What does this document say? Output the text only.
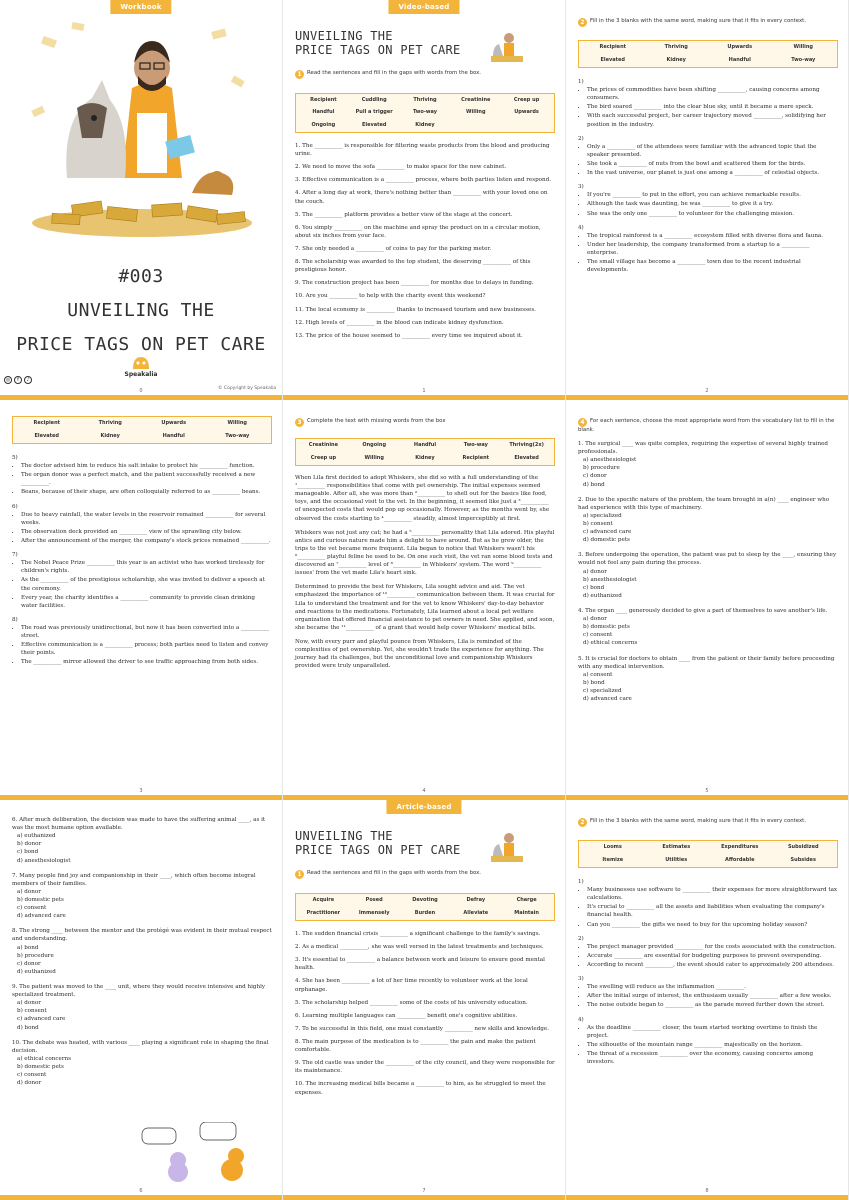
Workbook
#003
UNVEILING THE
PRICE TAGS ON PET CARE
Speakalia
© Copyright by Speakalia
◎	f	♪
0
Video-based
UNVEILING THE
PRICE TAGS ON PET CARE
1 Read the sentences and fill in the gaps with words from the box.
Recipient	Cuddling	Thriving	Creatinine	Creep up
Handful	Pull a trigger	Two-way	Willing	Upwards
Ongoing	Elevated	Kidney

1. The __________ is responsible for filtering waste products from the blood and producing urine.

2. We need to move the sofa __________ to make space for the new cabinet.

3. Effective communication is a __________ process, where both parties listen and respond.

4. After a long day at work, there's nothing better than __________ with your loved one on the couch.

5. The __________ platform provides a better view of the stage at the concert.

6. You simply __________ on the machine and spray the product on in a circular motion, about six inches from your face.

7. She only needed a __________ of coins to pay for the parking meter.

8. The scholarship was awarded to the top student, the deserving __________ of this prestigious honor.

9. The construction project has been __________ for months due to delays in funding.

10. Are you __________ to help with the charity event this weekend?

11. The local economy is __________ thanks to increased tourism and new businesses.

12. High levels of __________ in the blood can indicate kidney dysfunction.

13. The price of the house seemed to __________ every time we inquired about it.

1
2 Fill in the 3 blanks with the same word, making sure that it fits in every context.
Recipient	Thriving	Upwards	Willing
Elevated	Kidney	Handful	Two-way
1)
• The prices of commodities have been shifting __________, causing concerns among consumers.
• The bird soared __________ into the clear blue sky, until it became a mere speck.
• With each successful project, her career trajectory moved __________, solidifying her position in the industry.
2)
• Only a __________ of the attendees were familiar with the advanced topic that the speaker presented.
• She took a __________ of nuts from the bowl and scattered them for the birds.
• In the vast universe, our planet is just one among a __________ of celestial objects.
3)
• If you're __________ to put in the effort, you can achieve remarkable results.
• Although the task was daunting, he was __________ to give it a try.
• She was the only one __________ to volunteer for the challenging mission.
4)
• The tropical rainforest is a __________ ecosystem filled with diverse flora and fauna.
• Under her leadership, the company transformed from a startup to a __________ enterprise.
• The small village has become a __________ town due to the recent industrial developments.
2
Recipient	Thriving	Upwards	Willing
Elevated	Kidney	Handful	Two-way
5)
• The doctor advised him to reduce his salt intake to protect his __________ function.
• The organ donor was a perfect match, and the patient successfully received a new __________.
• Beans, because of their shape, are often colloquially referred to as __________ beans.
6)
• Due to heavy rainfall, the water levels in the reservoir remained __________ for several weeks.
• The observation deck provided an __________ view of the sprawling city below.
• After the announcement of the merger, the company's stock prices remained __________.
7)
• The Nobel Peace Prize __________ this year is an activist who has worked tirelessly for children's rights.
• As the __________ of the prestigious scholarship, she was invited to deliver a speech at the ceremony.
• Every year, the charity identifies a __________ community to provide clean drinking water facilities.
8)
• The road was previously unidirectional, but now it has been converted into a __________ street.
• Effective communication is a __________ process; both parties need to listen and convey their points.
• The __________ mirror allowed the driver to see traffic approaching from both sides.
3
3 Complete the text with missing words from the box
Creatinine	Ongoing	Handful	Two-way	Thriving(2x)
Creep up	Willing	Kidney	Recipient	Elevated

When Lila first decided to adopt Whiskers, she did so with a full understanding of the ¹__________ responsibilities that come with pet ownership. The initial expenses seemed manageable. After all, she was more than ²__________ to shell out for the basics like food, toys, and the occasional visit to the vet. In the beginning, it seemed like just a ³__________ of unexpected costs that would pop up occasionally. However, as the months went by, she observed the costs starting to ⁴__________ steadily, almost imperceptibly at first.

Whiskers was not just any cat; he had a ⁵__________ personality that Lila adored. His playful antics and curious nature made him a delight to have around. But as he grew older, the trips to the vet became more frequent. Lila began to notice that Whiskers wasn't his ⁶__________ playful feline he used to be. On one such visit, the vet ran some blood tests and discovered an ⁷__________ level of ⁸__________ in Whiskers' system. The word ⁹__________ issues' from the vet made Lila's heart sink.

Determined to provide the best for Whiskers, Lila sought advice and aid. The vet emphasized the importance of ¹⁰__________ communication between them. It was crucial for Lila to understand the treatment and for the vet to know Whiskers' day-to-day behavior and reactions to the medications. Fortunately, Lila learned about a local pet welfare organization that offered financial assistance to pet owners in need. She applied, and soon, she became the ¹¹__________ of a grant that would help cover Whiskers' medical bills.

Now, with every purr and playful pounce from Whiskers, Lila is reminded of the complexities of pet ownership. Yet, she wouldn't trade the experience for anything. The journey had its challenges, but the unconditional love and companionship Whiskers provided were truly unparalleled.

4
4 For each sentence, choose the most appropriate word from the vocabulary list to fill in the blank.
1. The surgical ____ was quite complex, requiring the expertise of several highly trained professionals.
a) anesthesiologist
b) procedure
c) donor
d) bond
2. Due to the specific nature of the problem, the team brought in a(n) ____ engineer who had experience with this type of machinery.
a) specialized
b) consent
c) advanced care
d) domestic pets
3. Before undergoing the operation, the patient was put to sleep by the ____, ensuring they would not feel any pain during the process.
a) donor
b) anesthesiologist
c) bond
d) euthanized
4. The organ ____ generously decided to give a part of themselves to save another's life.
a) donor
b) domestic pets
c) consent
d) ethical concerns
5. It is crucial for doctors to obtain ____ from the patient or their family before proceeding with any medical intervention.
a) consent
b) bond
c) specialized
d) advanced care
5
6. After much deliberation, the decision was made to have the suffering animal ____, as it was the most humane option available.
a) euthanized
b) donor
c) bond
d) anesthesiologist
7. Many people find joy and companionship in their ____, which often become integral members of their families.
a) donor
b) domestic pets
c) consent
d) advanced care
8. The strong ____ between the mentor and the protégé was evident in their mutual respect and understanding.
a) bond
b) procedure
c) donor
d) euthanized
9. The patient was moved to the ____ unit, where they would receive intensive and highly specialized treatment.
a) donor
b) consent
c) advanced care
d) bond
10. The debate was heated, with various ____ playing a significant role in shaping the final decision.
a) ethical concerns
b) domestic pets
c) consent
d) donor
6
Article-based
UNVEILING THE
PRICE TAGS ON PET CARE
1 Read the sentences and fill in the gaps with words from the box.
Acquire	Posed	Devoting	Defray	Charge
Practitioner	Immensely	Burden	Alleviate	Maintain

1. The sudden financial crisis __________ a significant challenge to the family's savings.

2. As a medical __________, she was well versed in the latest treatments and techniques.

3. It's essential to __________ a balance between work and leisure to ensure good mental health.

4. She has been __________ a lot of her time recently to volunteer work at the local orphanage.

5. The scholarship helped __________ some of the costs of his university education.

6. Learning multiple languages can __________ benefit one's cognitive abilities.

7. To be successful in this field, one must constantly __________ new skills and knowledge.

8. The main purpose of the medication is to __________ the pain and make the patient comfortable.

9. The old castle was under the __________ of the city council, and they were responsible for its maintenance.

10. The increasing medical bills became a __________ to him, as he struggled to meet the expenses.

7
2 Fill in the 3 blanks with the same word, making sure that it fits in every context.
Looms	Estimates	Expenditures	Subsidized
Itemize	Utilities	Affordable	Subsides
1)
• Many businesses use software to __________ their expenses for more straightforward tax calculations.
• It's crucial to __________ all the assets and liabilities when evaluating the company's financial health.
• Can you __________ the gifts we need to buy for the upcoming holiday season?
2)
• The project manager provided __________ for the costs associated with the construction.
• Accurate __________ are essential for budgeting purposes to prevent overspending.
• According to recent __________, the event should cater to approximately 200 attendees.
3)
• The swelling will reduce as the inflammation __________.
• After the initial surge of interest, the enthusiasm usually __________ after a few weeks.
• The noise outside began to __________ as the parade moved further down the street.
4)
• As the deadline __________ closer, the team started working overtime to finish the project.
• The silhouette of the mountain range __________ majestically on the horizon.
• The threat of a recession __________ over the economy, causing concerns among investors.
8
